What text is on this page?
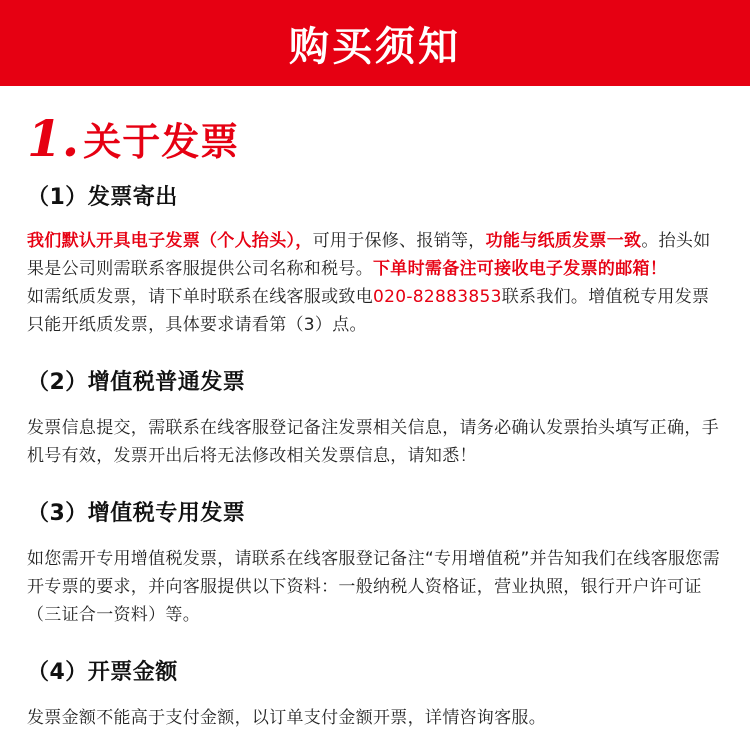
购买须知
1. 关于发票

（1）发票寄出

我们默认开具电子发票（个人抬头），可用于保修、报销等，功能与纸质发票一致。抬头如果是公司则需联系客服提供公司名称和税号。下单时需备注可接收电子发票的邮箱！

如需纸质发票，请下单时联系在线客服或致电020-82883853联系我们。增值税专用发票只能开纸质发票，具体要求请看第（3）点。

（2）增值税普通发票

发票信息提交，需联系在线客服登记备注发票相关信息，请务必确认发票抬头填写正确，手机号有效，发票开出后将无法修改相关发票信息，请知悉！

（3）增值税专用发票

如您需开专用增值税发票，请联系在线客服登记备注“专用增值税”并告知我们在线客服您需开专票的要求，并向客服提供以下资料：一般纳税人资格证，营业执照，银行开户许可证（三证合一资料）等。

（4）开票金额

发票金额不能高于支付金额，以订单支付金额开票，详情咨询客服。
